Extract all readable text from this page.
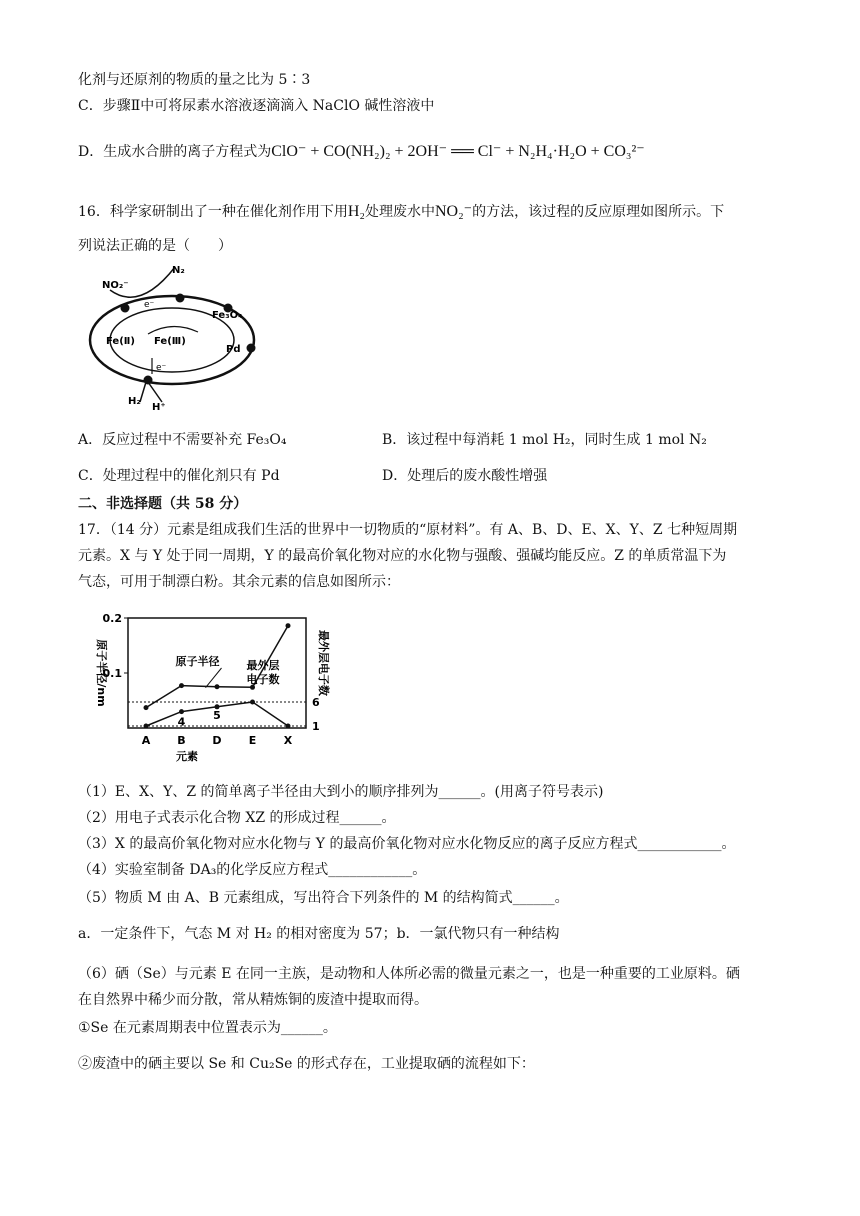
化剂与还原剂的物质的量之比为 5∶3
C．步骤Ⅱ中可将尿素水溶液逐滴滴入 NaClO 碱性溶液中
D．生成水合肼的离子方程式为ClO⁻ + CO(NH₂)₂ + 2OH⁻ ══ Cl⁻ + N₂H₄·H₂O + CO₃²⁻
16．科学家研制出了一种在催化剂作用下用H₂处理废水中NO₂⁻的方法，该过程的反应原理如图所示。下
列说法正确的是（　　）
NO₂⁻
N₂
Fe₃O₄
Pd
Fe(Ⅱ) Fe(Ⅲ)
e⁻
e⁻
H₂
H⁺
A．反应过程中不需要补充 Fe₃O₄	B．该过程中每消耗 1 mol H₂，同时生成 1 mol N₂
C．处理过程中的催化剂只有 Pd	D．处理后的废水酸性增强
二、非选择题（共 58 分）
17．（14 分）元素是组成我们生活的世界中一切物质的“原材料”。有 A、B、D、E、X、Y、Z 七种短周期
元素。X 与 Y 处于同一周期，Y 的最高价氧化物对应的水化物与强酸、强碱均能反应。Z 的单质常温下为
气态，可用于制漂白粉。其余元素的信息如图所示：
0.1
0.2
1
6
A B D E	X
元素
原子半径/nm	最外层电子数
4
5
原子半径 最外层
电子数
（1）E、X、Y、Z 的简单离子半径由大到小的顺序排列为______。(用离子符号表示)
（2）用电子式表示化合物 XZ 的形成过程______。
（3）X 的最高价氧化物对应水化物与 Y 的最高价氧化物对应水化物反应的离子反应方程式____________。
（4）实验室制备 DA₃的化学反应方程式____________。
（5）物质 M 由 A、B 元素组成，写出符合下列条件的 M 的结构简式______。
a．一定条件下，气态 M 对 H₂ 的相对密度为 57；b．一氯代物只有一种结构
（6）硒（Se）与元素 E 在同一主族，是动物和人体所必需的微量元素之一，也是一种重要的工业原料。硒
在自然界中稀少而分散，常从精炼铜的废渣中提取而得。
①Se 在元素周期表中位置表示为______。
②废渣中的硒主要以 Se 和 Cu₂Se 的形式存在，工业提取硒的流程如下：
